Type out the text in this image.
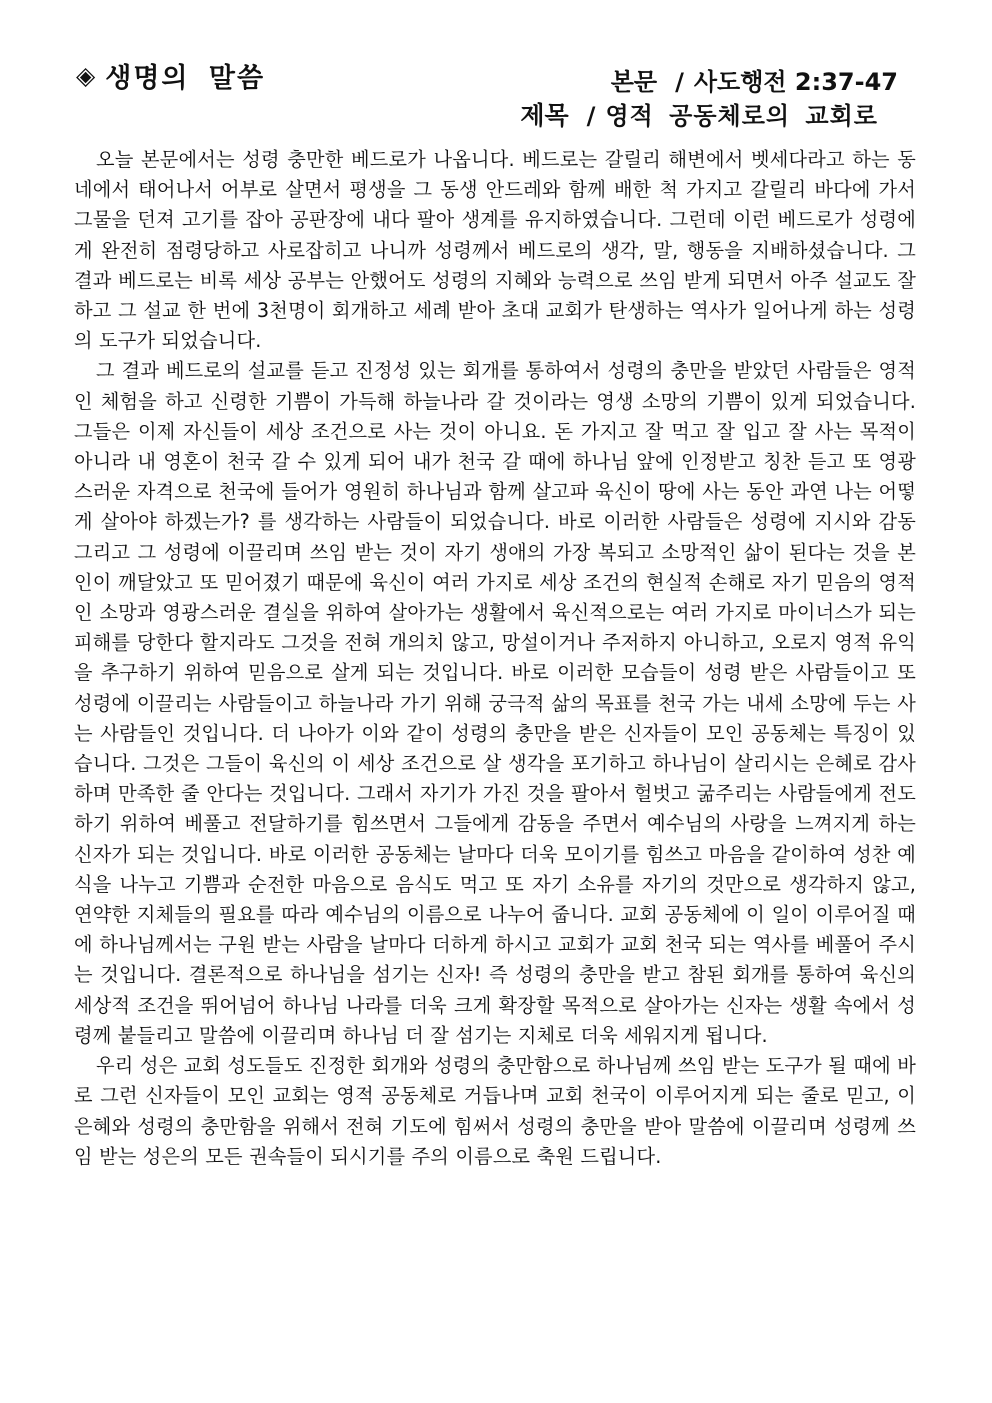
◈ 생명의 말씀	본문 / 사도행전 2:37-47
제목 / 영적 공동체로의 교회로

오늘 본문에서는 성령 충만한 베드로가 나옵니다. 베드로는 갈릴리 해변에서 벳세다라고 하는 동네에서 태어나서 어부로 살면서 평생을 그 동생 안드레와 함께 배한 척 가지고 갈릴리 바다에 가서 그물을 던져 고기를 잡아 공판장에 내다 팔아 생계를 유지하였습니다. 그런데 이런 베드로가 성령에게 완전히 점령당하고 사로잡히고 나니까 성령께서 베드로의 생각, 말, 행동을 지배하셨습니다. 그 결과 베드로는 비록 세상 공부는 안했어도 성령의 지혜와 능력으로 쓰임 받게 되면서 아주 설교도 잘하고 그 설교 한 번에 3천명이 회개하고 세례 받아 초대 교회가 탄생하는 역사가 일어나게 하는 성령의 도구가 되었습니다.

그 결과 베드로의 설교를 듣고 진정성 있는 회개를 통하여서 성령의 충만을 받았던 사람들은 영적인 체험을 하고 신령한 기쁨이 가득해 하늘나라 갈 것이라는 영생 소망의 기쁨이 있게 되었습니다. 그들은 이제 자신들이 세상 조건으로 사는 것이 아니요. 돈 가지고 잘 먹고 잘 입고 잘 사는 목적이 아니라 내 영혼이 천국 갈 수 있게 되어 내가 천국 갈 때에 하나님 앞에 인정받고 칭찬 듣고 또 영광스러운 자격으로 천국에 들어가 영원히 하나님과 함께 살고파 육신이 땅에 사는 동안 과연 나는 어떻게 살아야 하겠는가? 를 생각하는 사람들이 되었습니다. 바로 이러한 사람들은 성령에 지시와 감동 그리고 그 성령에 이끌리며 쓰임 받는 것이 자기 생애의 가장 복되고 소망적인 삶이 된다는 것을 본인이 깨달았고 또 믿어졌기 때문에 육신이 여러 가지로 세상 조건의 현실적 손해로 자기 믿음의 영적인 소망과 영광스러운 결실을 위하여 살아가는 생활에서 육신적으로는 여러 가지로 마이너스가 되는 피해를 당한다 할지라도 그것을 전혀 개의치 않고, 망설이거나 주저하지 아니하고, 오로지 영적 유익을 추구하기 위하여 믿음으로 살게 되는 것입니다. 바로 이러한 모습들이 성령 받은 사람들이고 또 성령에 이끌리는 사람들이고 하늘나라 가기 위해 궁극적 삶의 목표를 천국 가는 내세 소망에 두는 사는 사람들인 것입니다. 더 나아가 이와 같이 성령의 충만을 받은 신자들이 모인 공동체는 특징이 있습니다. 그것은 그들이 육신의 이 세상 조건으로 살 생각을 포기하고 하나님이 살리시는 은혜로 감사하며 만족한 줄 안다는 것입니다. 그래서 자기가 가진 것을 팔아서 헐벗고 굶주리는 사람들에게 전도하기 위하여 베풀고 전달하기를 힘쓰면서 그들에게 감동을 주면서 예수님의 사랑을 느껴지게 하는 신자가 되는 것입니다. 바로 이러한 공동체는 날마다 더욱 모이기를 힘쓰고 마음을 같이하여 성찬 예식을 나누고 기쁨과 순전한 마음으로 음식도 먹고 또 자기 소유를 자기의 것만으로 생각하지 않고, 연약한 지체들의 필요를 따라 예수님의 이름으로 나누어 줍니다. 교회 공동체에 이 일이 이루어질 때에 하나님께서는 구원 받는 사람을 날마다 더하게 하시고 교회가 교회 천국 되는 역사를 베풀어 주시는 것입니다. 결론적으로 하나님을 섬기는 신자! 즉 성령의 충만을 받고 참된 회개를 통하여 육신의 세상적 조건을 뛰어넘어 하나님 나라를 더욱 크게 확장할 목적으로 살아가는 신자는 생활 속에서 성령께 붙들리고 말씀에 이끌리며 하나님 더 잘 섬기는 지체로 더욱 세워지게 됩니다.

우리 성은 교회 성도들도 진정한 회개와 성령의 충만함으로 하나님께 쓰임 받는 도구가 될 때에 바로 그런 신자들이 모인 교회는 영적 공동체로 거듭나며 교회 천국이 이루어지게 되는 줄로 믿고, 이 은혜와 성령의 충만함을 위해서 전혀 기도에 힘써서 성령의 충만을 받아 말씀에 이끌리며 성령께 쓰임 받는 성은의 모든 권속들이 되시기를 주의 이름으로 축원 드립니다.
